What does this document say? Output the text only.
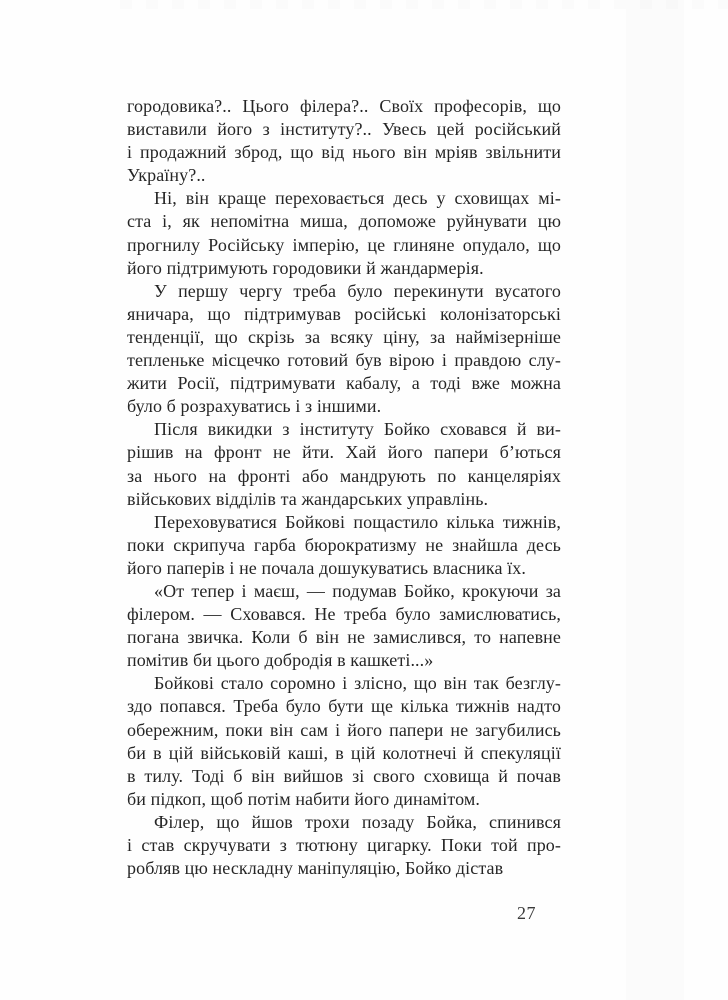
городовика?.. Цього філера?.. Своїх професорів, що
виставили його з інституту?.. Увесь цей російський
і продажний зброд, що від нього він мріяв звільнити
Україну?..

Ні, він краще переховається десь у сховищах мі-
ста і, як непомітна миша, допоможе руйнувати цю
прогнилу Російську імперію, це глиняне опудало, що
його підтримують городовики й жандармерія.

У першу чергу треба було перекинути вусатого
яничара, що підтримував російські колонізаторські
тенденції, що скрізь за всяку ціну, за наймізерніше
тепленьке місцечко готовий був вірою і правдою слу-
жити Росії, підтримувати кабалу, а тоді вже можна
було б розрахуватись і з іншими.

Після викидки з інституту Бойко сховався й ви-
рішив на фронт не йти. Хай його папери б’ються
за нього на фронті або мандрують по канцеляріях
військових відділів та жандарських управлінь.

Переховуватися Бойкові пощастило кілька тижнів,
поки скрипуча гарба бюрократизму не знайшла десь
його паперів і не почала дошукуватись власника їх.

«От тепер і маєш, — подумав Бойко, крокуючи за
філером. — Сховався. Не треба було замислюватись,
погана звичка. Коли б він не замислився, то напевне
помітив би цього добродія в кашкеті...»

Бойкові стало соромно і злісно, що він так безглу-
здо попався. Треба було бути ще кілька тижнів надто
обережним, поки він сам і його папери не загубились
би в цій військовій каші, в цій колотнечі й спекуляції
в тилу. Тоді б він вийшов зі свого сховища й почав
би підкоп, щоб потім набити його динамітом.

Філер, що йшов трохи позаду Бойка, спинився
і став скручувати з тютюну цигарку. Поки той про-
робляв цю нескладну маніпуляцію, Бойко дістав

27
